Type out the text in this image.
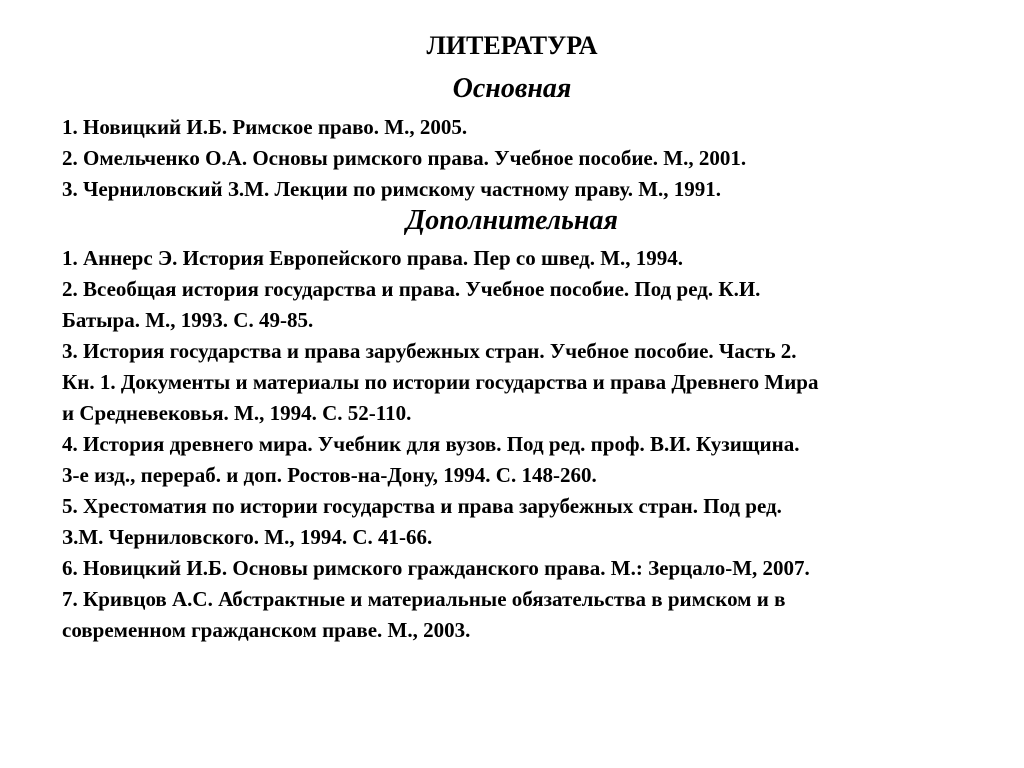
ЛИТЕРАТУРА
Основная
1. Новицкий И.Б. Римское право. М., 2005.
2. Омельченко О.А. Основы римского права. Учебное пособие. М., 2001.
3. Черниловский З.М. Лекции по римскому частному праву. М., 1991.
Дополнительная
1. Аннерс Э. История Европейского права. Пер со швед. М., 1994.
2. Всеобщая история государства и права. Учебное пособие. Под ред. К.И.
Батыра. М., 1993. С. 49-85.
3. История государства и права зарубежных стран. Учебное пособие. Часть 2.
Кн. 1. Документы и материалы по истории государства и права Древнего Мира
и Средневековья. М., 1994. С. 52-110.
4. История древнего мира. Учебник для вузов. Под ред. проф. В.И. Кузищина.
3-е изд., перераб. и доп. Ростов-на-Дону, 1994. С. 148-260.
5. Хрестоматия по истории государства и права зарубежных стран. Под ред.
З.М. Черниловского. М., 1994. С. 41-66.
6. Новицкий И.Б. Основы римского гражданского права. М.: Зерцало-М, 2007.
7. Кривцов А.С. Абстрактные и материальные обязательства в римском и в
современном гражданском праве. М., 2003.
